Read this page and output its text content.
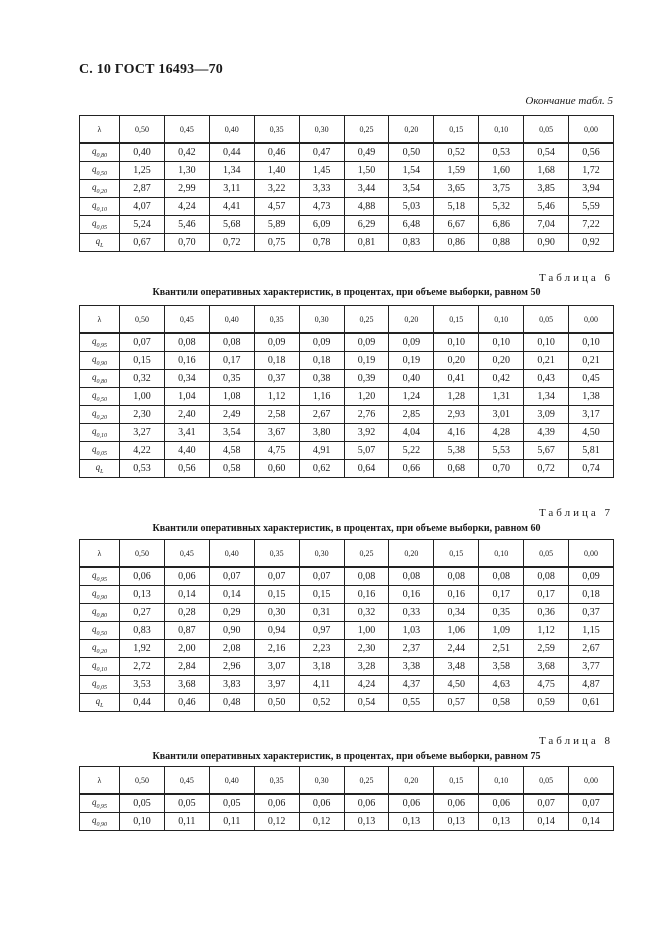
С. 10 ГОСТ 16493—70
Окончание табл. 5
λ	0,50	0,45	0,40	0,35	0,30	0,25	0,20	0,15	0,10	0,05	0,00
$q_{0,80}$	0,40	0,42	0,44	0,46	0,47	0,49	0,50	0,52	0,53	0,54	0,56
$q_{0,50}$	1,25	1,30	1,34	1,40	1,45	1,50	1,54	1,59	1,60	1,68	1,72
$q_{0,20}$	2,87	2,99	3,11	3,22	3,33	3,44	3,54	3,65	3,75	3,85	3,94
$q_{0,10}$	4,07	4,24	4,41	4,57	4,73	4,88	5,03	5,18	5,32	5,46	5,59
$q_{0,05}$	5,24	5,46	5,68	5,89	6,09	6,29	6,48	6,67	6,86	7,04	7,22
$q_L$	0,67	0,70	0,72	0,75	0,78	0,81	0,83	0,86	0,88	0,90	0,92
Таблица 6
Квантили оперативных характеристик, в процентах, при объеме выборки, равном 50
λ	0,50	0,45	0,40	0,35	0,30	0,25	0,20	0,15	0,10	0,05	0,00
$q_{0,95}$	0,07	0,08	0,08	0,09	0,09	0,09	0,09	0,10	0,10	0,10	0,10
$q_{0,90}$	0,15	0,16	0,17	0,18	0,18	0,19	0,19	0,20	0,20	0,21	0,21
$q_{0,80}$	0,32	0,34	0,35	0,37	0,38	0,39	0,40	0,41	0,42	0,43	0,45
$q_{0,50}$	1,00	1,04	1,08	1,12	1,16	1,20	1,24	1,28	1,31	1,34	1,38
$q_{0,20}$	2,30	2,40	2,49	2,58	2,67	2,76	2,85	2,93	3,01	3,09	3,17
$q_{0,10}$	3,27	3,41	3,54	3,67	3,80	3,92	4,04	4,16	4,28	4,39	4,50
$q_{0,05}$	4,22	4,40	4,58	4,75	4,91	5,07	5,22	5,38	5,53	5,67	5,81
$q_L$	0,53	0,56	0,58	0,60	0,62	0,64	0,66	0,68	0,70	0,72	0,74
Таблица 7
Квантили оперативных характеристик, в процентах, при объеме выборки, равном 60
λ	0,50	0,45	0,40	0,35	0,30	0,25	0,20	0,15	0,10	0,05	0,00
$q_{0,95}$	0,06	0,06	0,07	0,07	0,07	0,08	0,08	0,08	0,08	0,08	0,09
$q_{0,90}$	0,13	0,14	0,14	0,15	0,15	0,16	0,16	0,16	0,17	0,17	0,18
$q_{0,80}$	0,27	0,28	0,29	0,30	0,31	0,32	0,33	0,34	0,35	0,36	0,37
$q_{0,50}$	0,83	0,87	0,90	0,94	0,97	1,00	1,03	1,06	1,09	1,12	1,15
$q_{0,20}$	1,92	2,00	2,08	2,16	2,23	2,30	2,37	2,44	2,51	2,59	2,67
$q_{0,10}$	2,72	2,84	2,96	3,07	3,18	3,28	3,38	3,48	3,58	3,68	3,77
$q_{0,05}$	3,53	3,68	3,83	3,97	4,11	4,24	4,37	4,50	4,63	4,75	4,87
$q_L$	0,44	0,46	0,48	0,50	0,52	0,54	0,55	0,57	0,58	0,59	0,61
Таблица 8
Квантили оперативных характеристик, в процентах, при объеме выборки, равном 75
λ	0,50	0,45	0,40	0,35	0,30	0,25	0,20	0,15	0,10	0,05	0,00
$q_{0,95}$	0,05	0,05	0,05	0,06	0,06	0,06	0,06	0,06	0,06	0,07	0,07
$q_{0,90}$	0,10	0,11	0,11	0,12	0,12	0,13	0,13	0,13	0,13	0,14	0,14
